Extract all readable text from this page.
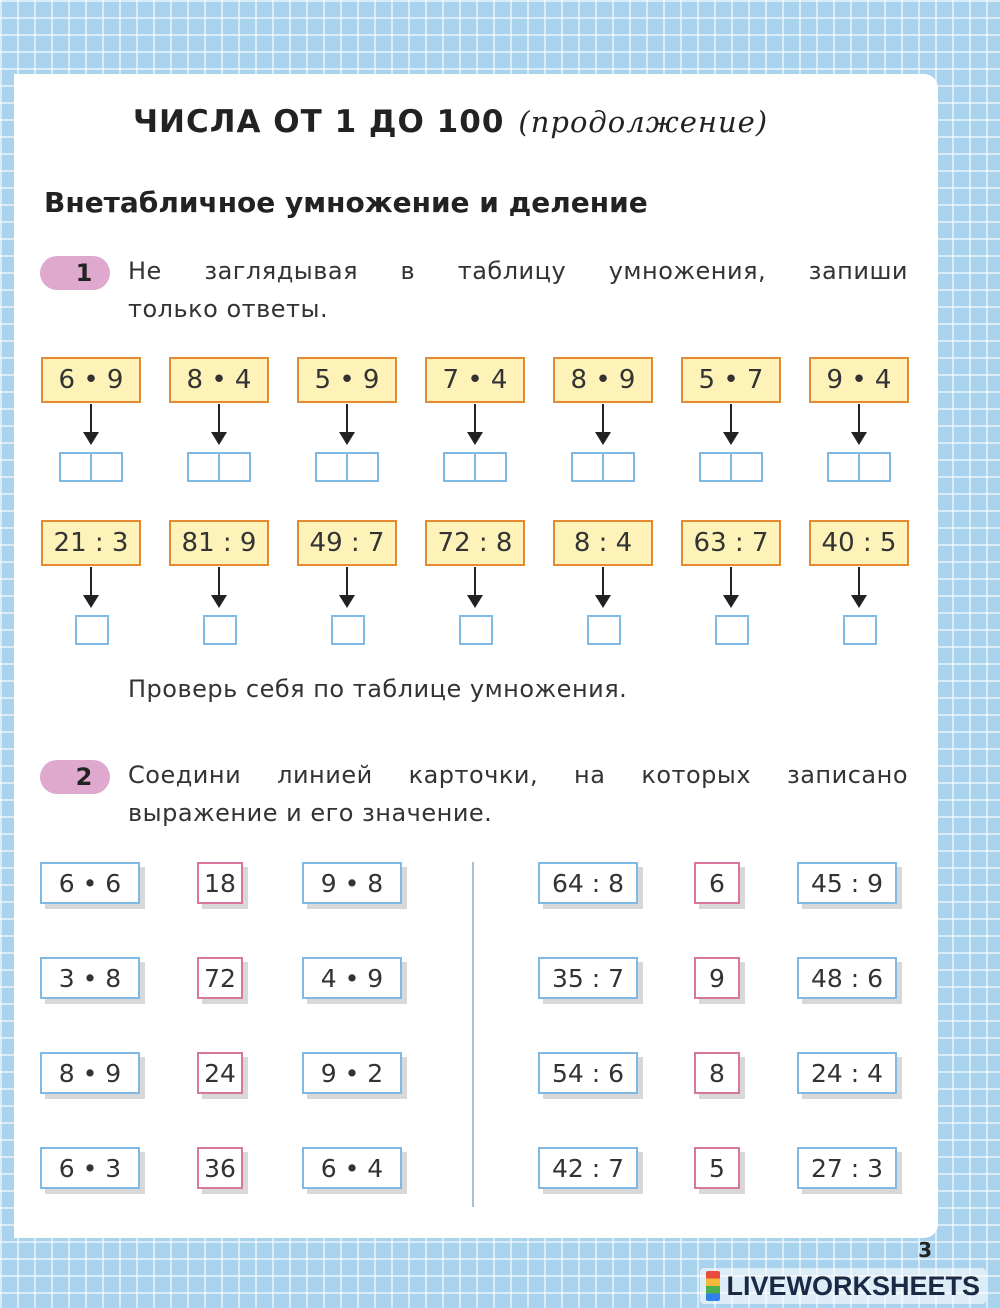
ЧИСЛА ОТ 1 ДО 100 (продолжение)
Внетабличное умножение и деление
1 Не заглядывая в таблицу умножения, запиши
только ответы.
6 • 9	8 • 4	5 • 9	7 • 4	8 • 9	5 • 7	9 • 4
21 : 3	81 : 9	49 : 7	72 : 8	8 : 4	63 : 7	40 : 5
Проверь себя по таблице умножения.
2 Соедини линией карточки, на которых записано
выражение и его значение.
6 • 6
3 • 8
8 • 9
6 • 3
18
72
24
36
9 • 8
4 • 9
9 • 2
6 • 4
64 : 8
35 : 7
54 : 6
42 : 7
6
9
8
5
45 : 9
48 : 6
24 : 4
27 : 3
3
LIVEWORKSHEETS
